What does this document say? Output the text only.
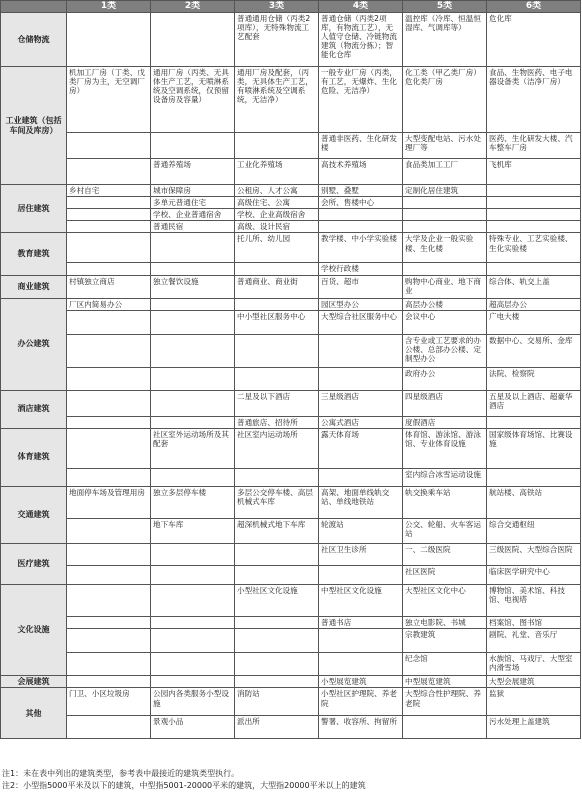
	1类	2类	3类	4类	5类	6类
仓储物流			普通通用仓储（丙类2项库），无特殊物流工艺配套	普通仓储（丙类2项库，有物流工艺），无人值守仓储、冷链物流建筑（物流分拣）；智能化仓库	温控库（冷库、恒温恒湿库、气调库等）	危化库
工业建筑（包括车间及库房）	机加工厂房（丁类、戊类厂房为主，无空调厂房）	通用厂房（丙类、无具体生产工艺，无喷淋系统及空调系统，仅预留设备房及容量）	通用厂房及配套，（丙类，无具体生产工艺，有喷淋系统及空调系统，无洁净）	一般专业厂房（丙类，有工艺，无爆炸、生化危险、无洁净）	化工类（甲乙类厂房）危化类厂房	食品、生物医药、电子电器设备类（洁净厂房）
				普通非医药、生化研发楼	大型变配电站、污水处理厂等	医药、生化研发大楼、汽车整车厂房
		普通养殖场	工业化养殖场	高技术养殖场	食品类加工工厂	飞机库
居住建筑	乡村自宅	城市保障房	公租房、人才公寓	别墅、叠墅	定制化居住建筑	
		多单元普通住宅	高级住宅、公寓	会所、售楼中心		
		学校、企业普通宿舍	学校、企业高级宿舍			
		普通民宿	高级、设计民宿			
教育建筑			托儿所、幼儿园	教学楼、中小学实验楼	大学及企业一般实验楼、生化楼	特殊专业、工艺实验楼、生化实验楼
				学校行政楼		
商业建筑	村镇独立商店	独立餐饮设施	普通商业、商业街	百货、超市	购物中心商业、地下商业	综合体、轨交上盖
办公建筑	厂区内简易办公			园区型办公	高层办公楼	超高层办公
			中小型社区服务中心	大型综合社区服务中心	会议中心	广电大楼
					含专业或工艺要求的办公楼、总部办公楼、定制型办公	数据中心、交易所、金库
					政府办公	法院、检察院
酒店建筑			二星及以下酒店	三星级酒店	四星级酒店	五星及以上酒店、超豪华酒店
			普通旅店、招待所	公寓式酒店	度假酒店	
体育建筑		社区室外运动场所及其配套	社区室内运动场所	露天体育场	体育馆、游泳馆、游泳馆、专业体育设施	国家级体育场馆、比赛设施
					室内综合冰雪运动设施	
交通建筑	地面停车场及管理用房	独立多层停车楼	多层公交停车楼、高层机械式车库	高架、地面单线轨交站、单线地铁站	轨交换乘车站	航站楼、高铁站
		地下车库	超深机械式地下车库	轮渡站	公交、轮船、火车客运站	综合交通枢纽
医疗建筑				社区卫生诊所	一、二级医院	三级医院、大型综合医院
					社区医院	临床医学研究中心
文化设施			小型社区文化设施	中型社区文化设施	大型社区文化中心	博物馆、美术馆、科技馆、电视塔
				普通书店	独立电影院、书城	档案馆、图书馆
					宗教建筑	剧院、礼堂、音乐厅
					纪念馆	水族馆、马戏厅、大型室内滑雪场
会展建筑				小型展览建筑	中型展览建筑	大型会展建筑
其他	门卫、小区垃圾房	公园内各类服务小型设施	消防站	小型社区护理院、养老院	大型综合性护理院、养老院	监狱
		景观小品	派出所	警署、收容所、拘留所		污水处理上盖建筑
注1：未在表中列出的建筑类型，参考表中最接近的建筑类型执行。
注2：小型指5000平米及以下的建筑，中型指5001-20000平米的建筑，大型指20000平米以上的建筑
